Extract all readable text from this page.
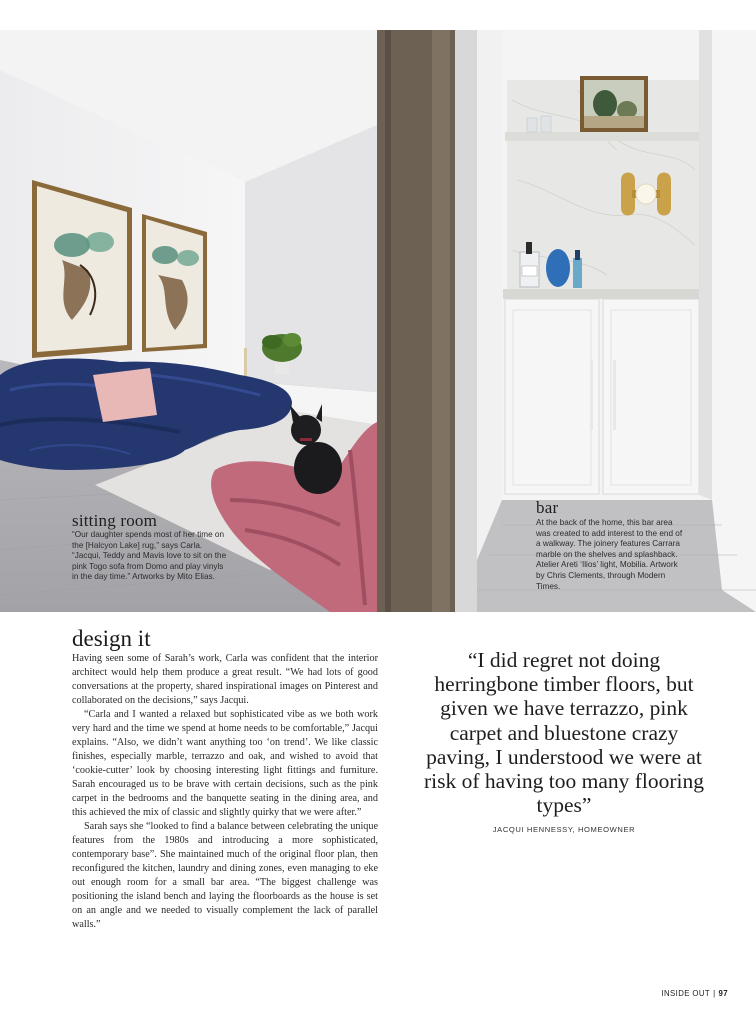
sitting room
“Our daughter spends most of her time on the [Halcyon Lake] rug,” says Carla. “Jacqui, Teddy and Mavis love to sit on the pink Togo sofa from Domo and play vinyls in the day time.” Artworks by Mito Elias.
bar
At the back of the home, this bar area was created to add interest to the end of a walkway. The joinery features Carrara marble on the shelves and splashback. Atelier Areti ‘Ilios’ light, Mobilia. Artwork by Chris Clements, through Modern Times.
design it

Having seen some of Sarah’s work, Carla was confident that the interior architect would help them produce a great result. “We had lots of good conversations at the property, shared inspirational images on Pinterest and collaborated on the decisions,” says Jacqui.

“Carla and I wanted a relaxed but sophisticated vibe as we both work very hard and the time we spend at home needs to be comfortable,” Jacqui explains. “Also, we didn’t want anything too ‘on trend’. We like classic finishes, especially marble, terrazzo and oak, and wished to avoid that ‘cookie-cutter’ look by choosing interesting light fittings and furniture. Sarah encouraged us to be brave with certain decisions, such as the pink carpet in the bedrooms and the banquette seating in the dining area, and this achieved the mix of classic and slightly quirky that we were after.”

Sarah says she “looked to find a balance between celebrating the unique features from the 1980s and introducing a more sophisticated, contemporary base”. She maintained much of the original floor plan, then reconfigured the kitchen, laundry and dining zones, even managing to eke out enough room for a small bar area. “The biggest challenge was positioning the island bench and laying the floorboards as the house is set on an angle and we needed to visually complement the lack of parallel walls.”

“I did regret not doing herringbone timber floors, but given we have terrazzo, pink carpet and bluestone crazy paving, I understood we were at risk of having too many flooring types”

JACQUI HENNESSY, HOMEOWNER
INSIDE OUT | 97
